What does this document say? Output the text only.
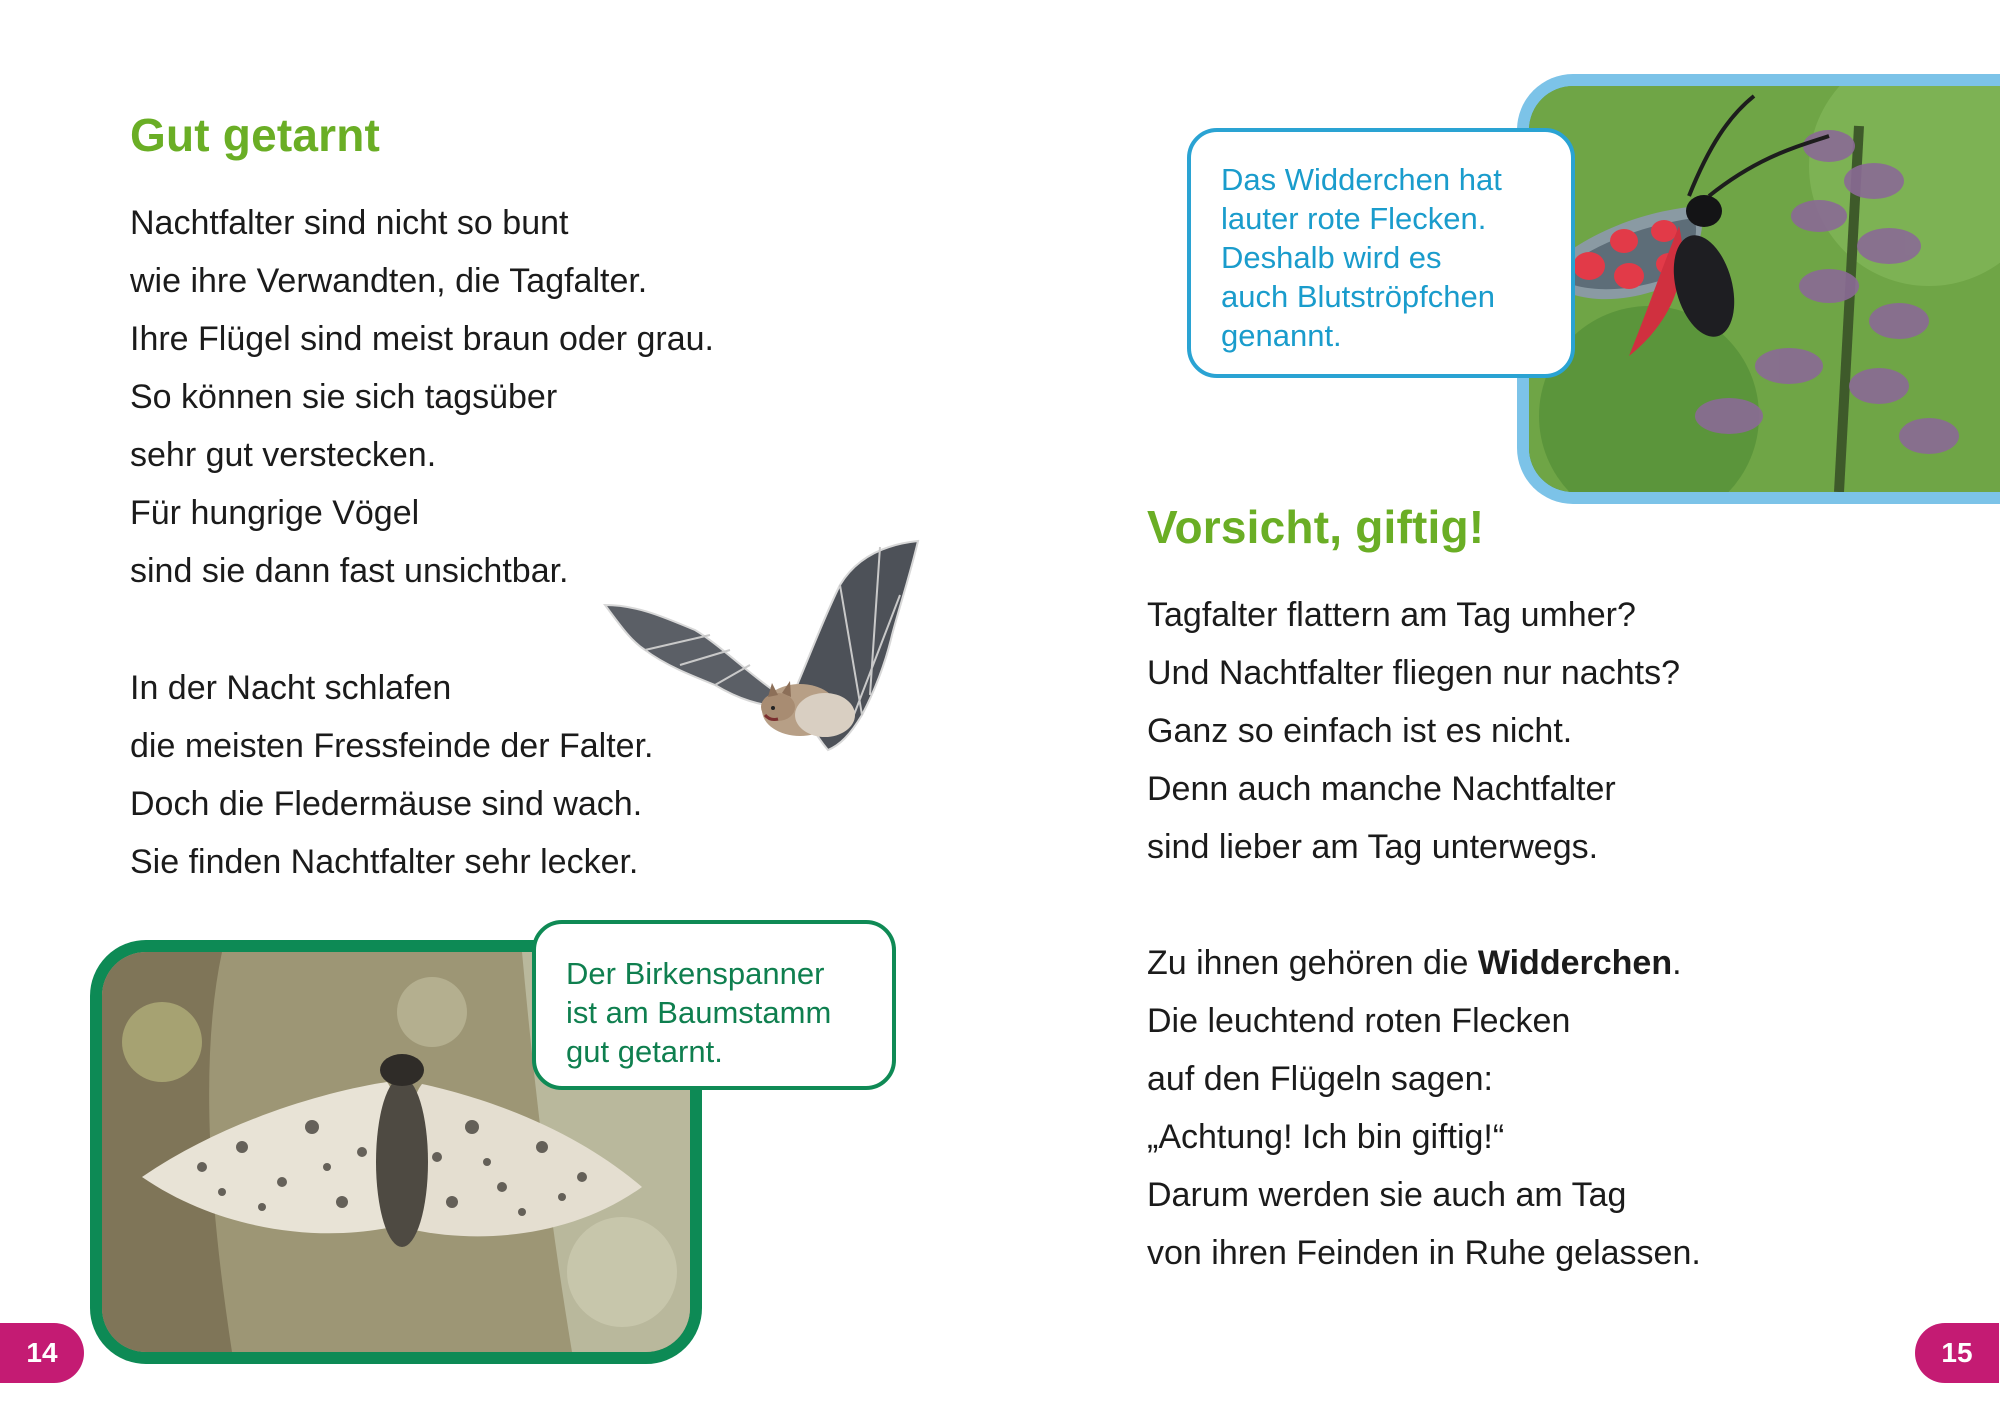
Gut getarnt
Nachtfalter sind nicht so bunt
wie ihre Verwandten, die Tagfalter.
Ihre Flügel sind meist braun oder grau.
So können sie sich tagsüber
sehr gut verstecken.
Für hungrige Vögel
sind sie dann fast unsichtbar.
In der Nacht schlafen
die meisten Fressfeinde der Falter.
Doch die Fledermäuse sind wach.
Sie finden Nachtfalter sehr lecker.
Der Birkenspanner
ist am Baumstamm
gut getarnt.
14
Vorsicht, giftig!
Tagfalter flattern am Tag umher?
Und Nachtfalter fliegen nur nachts?
Ganz so einfach ist es nicht.
Denn auch manche Nachtfalter
sind lieber am Tag unterwegs.
Zu ihnen gehören die Widderchen.
Die leuchtend roten Flecken
auf den Flügeln sagen:
„Achtung! Ich bin giftig!“
Darum werden sie auch am Tag
von ihren Feinden in Ruhe gelassen.
Das Widderchen hat
lauter rote Flecken.
Deshalb wird es
auch Blutströpfchen
genannt.
15
